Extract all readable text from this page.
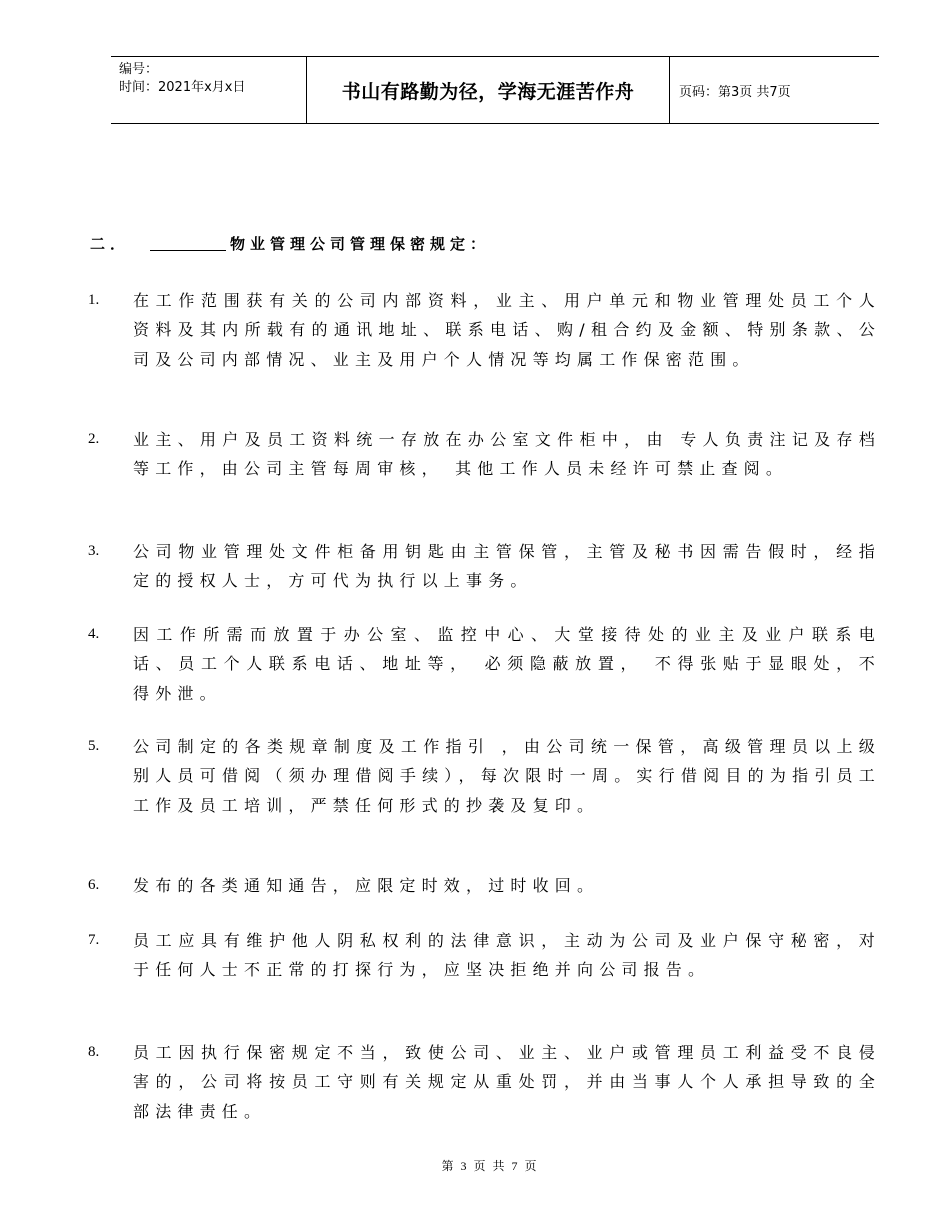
编号：
时间：2021年x月x日	书山有路勤为径，学海无涯苦作舟	页码：第3页 共7页
二．	物业管理公司管理保密规定：
1.	在工作范围获有关的公司内部资料，业主、用户单元和物业管理处员工个人资料及其内所载有的通讯地址、联系电话、购/租合约及金额、特别条款、公司及公司内部情况、业主及用户个人情况等均属工作保密范围。
2.	业主、用户及员工资料统一存放在办公室文件柜中，由 专人负责注记及存档等工作，由公司主管每周审核， 其他工作人员未经许可禁止查阅。
3.	公司物业管理处文件柜备用钥匙由主管保管，主管及秘书因需告假时，经指定的授权人士，方可代为执行以上事务。
4.	因工作所需而放置于办公室、监控中心、大堂接待处的业主及业户联系电话、员工个人联系电话、地址等， 必须隐蔽放置， 不得张贴于显眼处，不得外泄。
5.	公司制定的各类规章制度及工作指引 ，由公司统一保管，高级管理员以上级别人员可借阅（须办理借阅手续），每次限时一周。实行借阅目的为指引员工工作及员工培训，严禁任何形式的抄袭及复印。
6.	发布的各类通知通告，应限定时效，过时收回。
7.	员工应具有维护他人阴私权利的法律意识，主动为公司及业户保守秘密，对于任何人士不正常的打探行为，应坚决拒绝并向公司报告。
8.	员工因执行保密规定不当，致使公司、业主、业户或管理员工利益受不良侵害的，公司将按员工守则有关规定从重处罚，并由当事人个人承担导致的全部法律责任。
第 3 页 共 7 页
